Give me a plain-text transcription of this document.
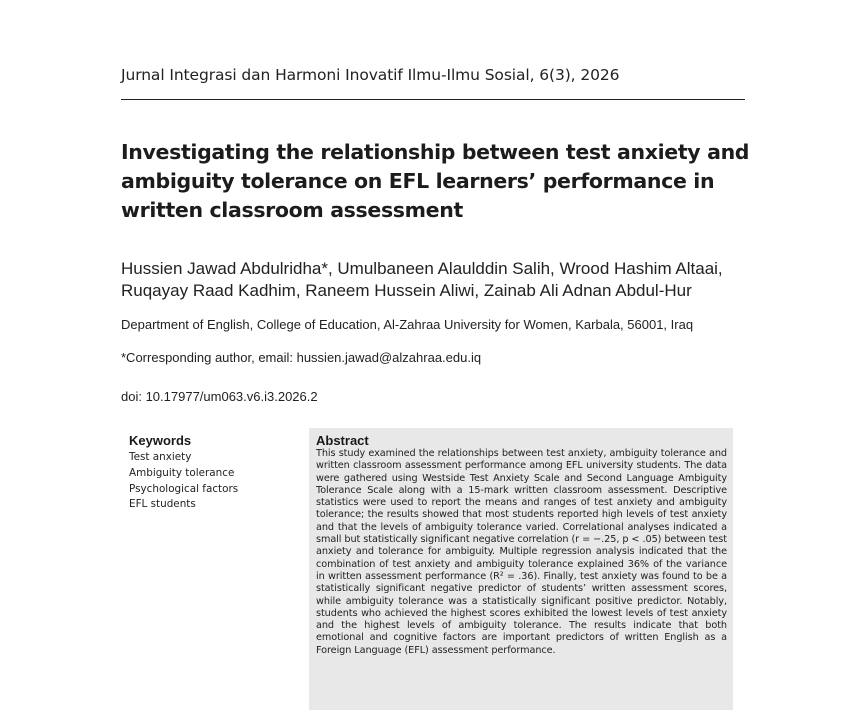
Jurnal Integrasi dan Harmoni Inovatif Ilmu-Ilmu Sosial, 6(3), 2026
Investigating the relationship between test anxiety and ambiguity tolerance on EFL learners’ performance in written classroom assessment

Hussien Jawad Abdulridha*, Umulbaneen Alaulddin Salih, Wrood Hashim Altaai, Ruqayay Raad Kadhim, Raneem Hussein Aliwi, Zainab Ali Adnan Abdul-Hur

Department of English, College of Education, Al-Zahraa University for Women, Karbala, 56001, Iraq
*Corresponding author, email: hussien.jawad@alzahraa.edu.iq
doi: 10.17977/um063.v6.i3.2026.2
Keywords
Test anxiety
Ambiguity tolerance
Psychological factors
EFL students
Abstract

This study examined the relationships between test anxiety, ambiguity tolerance and written classroom assessment performance among EFL university students. The data were gathered using Westside Test Anxiety Scale and Second Language Ambiguity Tolerance Scale along with a 15-mark written classroom assessment. Descriptive statistics were used to report the means and ranges of test anxiety and ambiguity tolerance; the results showed that most students reported high levels of test anxiety and that the levels of ambiguity tolerance varied. Correlational analyses indicated a small but statistically significant negative correlation (r = −.25, p < .05) between test anxiety and tolerance for ambiguity. Multiple regression analysis indicated that the combination of test anxiety and ambiguity tolerance explained 36% of the variance in written assessment performance (R² = .36). Finally, test anxiety was found to be a statistically significant negative predictor of students’ written assessment scores, while ambiguity tolerance was a statistically significant positive predictor. Notably, students who achieved the highest scores exhibited the lowest levels of test anxiety and the highest levels of ambiguity tolerance. The results indicate that both emotional and cognitive factors are important predictors of written English as a Foreign Language (EFL) assessment performance.
